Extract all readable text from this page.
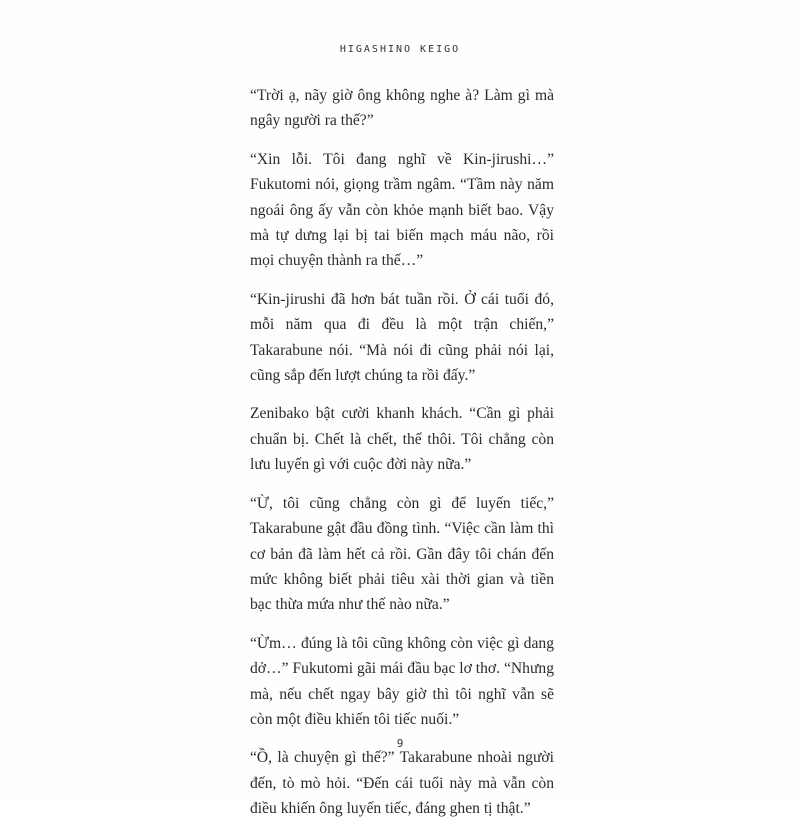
HIGASHINO KEIGO

“Trời ạ, nãy giờ ông không nghe à? Làm gì mà ngây người ra thế?”

“Xin lỗi. Tôi đang nghĩ về Kin-jirushi…” Fukutomi nói, giọng trầm ngâm. “Tầm này năm ngoái ông ấy vẫn còn khỏe mạnh biết bao. Vậy mà tự dưng lại bị tai biến mạch máu não, rồi mọi chuyện thành ra thế…”

“Kin-jirushi đã hơn bát tuần rồi. Ở cái tuổi đó, mỗi năm qua đi đều là một trận chiến,” Takarabune nói. “Mà nói đi cũng phải nói lại, cũng sắp đến lượt chúng ta rồi đấy.”

Zenibako bật cười khanh khách. “Cần gì phải chuẩn bị. Chết là chết, thế thôi. Tôi chẳng còn lưu luyến gì với cuộc đời này nữa.”

“Ừ, tôi cũng chẳng còn gì để luyến tiếc,” Takarabune gật đầu đồng tình. “Việc cần làm thì cơ bản đã làm hết cả rồi. Gần đây tôi chán đến mức không biết phải tiêu xài thời gian và tiền bạc thừa mứa như thế nào nữa.”

“Ừm… đúng là tôi cũng không còn việc gì dang dở…” Fukutomi gãi mái đầu bạc lơ thơ. “Nhưng mà, nếu chết ngay bây giờ thì tôi nghĩ vẫn sẽ còn một điều khiến tôi tiếc nuối.”

“Ồ, là chuyện gì thế?” Takarabune nhoài người đến, tò mò hỏi. “Đến cái tuổi này mà vẫn còn điều khiến ông luyến tiếc, đáng ghen tị thật.”

9
